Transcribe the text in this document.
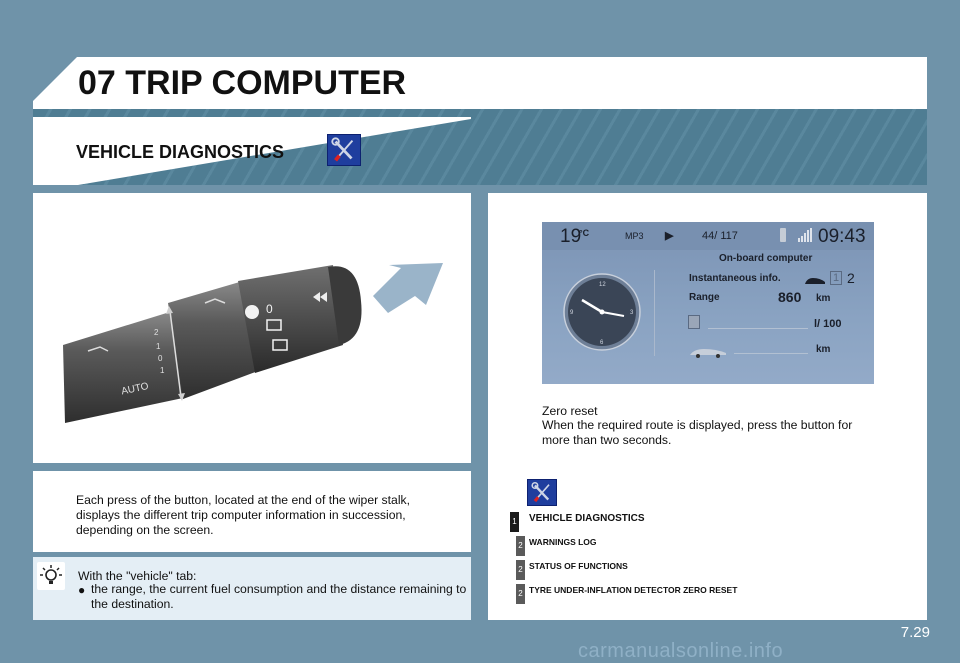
07 TRIP COMPUTER
VEHICLE DIAGNOSTICS
2
1
0
1
AUTO
0
Each press of the button, located at the end of the wiper stalk, displays the different trip computer information in succession, depending on the screen.
With the "vehicle" tab:
● the range, the current fuel consumption and the distance remaining to the destination.
19
°C	MP3 ▶	44/ 117	09:43
On-board computer
12
3
6
9
Instantaneous info.	1 2
Range	860 km
l/ 100
km
Zero reset
When the required route is displayed, press the button for more than two seconds.
1 VEHICLE DIAGNOSTICS
2 WARNINGS LOG
2 STATUS OF FUNCTIONS
2 TYRE UNDER-INFLATION DETECTOR ZERO RESET
7.29
carmanualsonline.info
